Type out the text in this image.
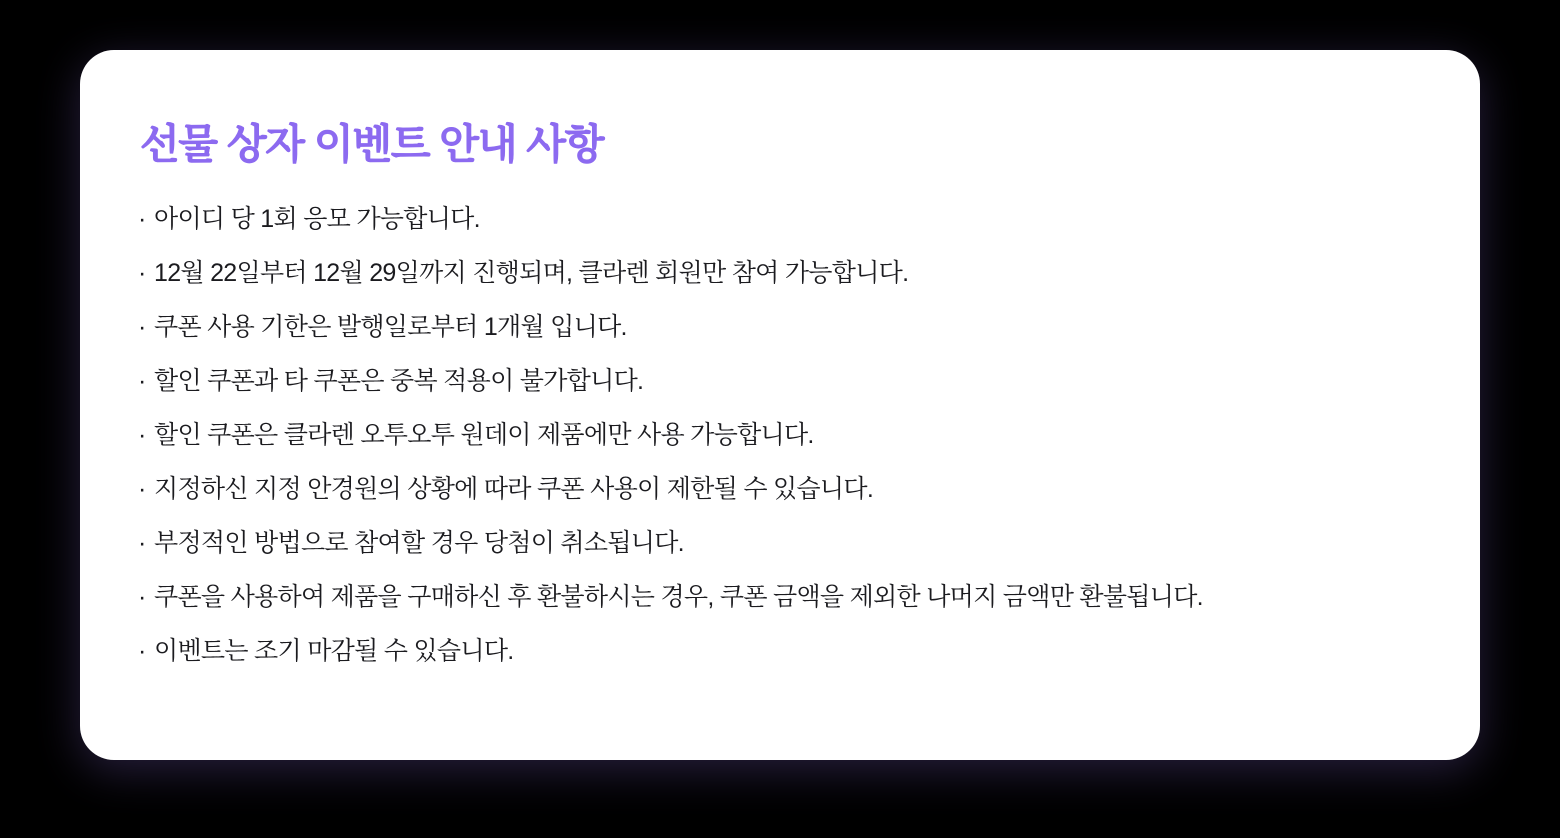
선물 상자 이벤트 안내 사항
· 아이디 당 1회 응모 가능합니다.
· 12월 22일부터 12월 29일까지 진행되며, 클라렌 회원만 참여 가능합니다.
· 쿠폰 사용 기한은 발행일로부터 1개월 입니다.
· 할인 쿠폰과 타 쿠폰은 중복 적용이 불가합니다.
· 할인 쿠폰은 클라렌 오투오투 원데이 제품에만 사용 가능합니다.
· 지정하신 지정 안경원의 상황에 따라 쿠폰 사용이 제한될 수 있습니다.
· 부정적인 방법으로 참여할 경우 당첨이 취소됩니다.
· 쿠폰을 사용하여 제품을 구매하신 후 환불하시는 경우, 쿠폰 금액을 제외한 나머지 금액만 환불됩니다.
· 이벤트는 조기 마감될 수 있습니다.
